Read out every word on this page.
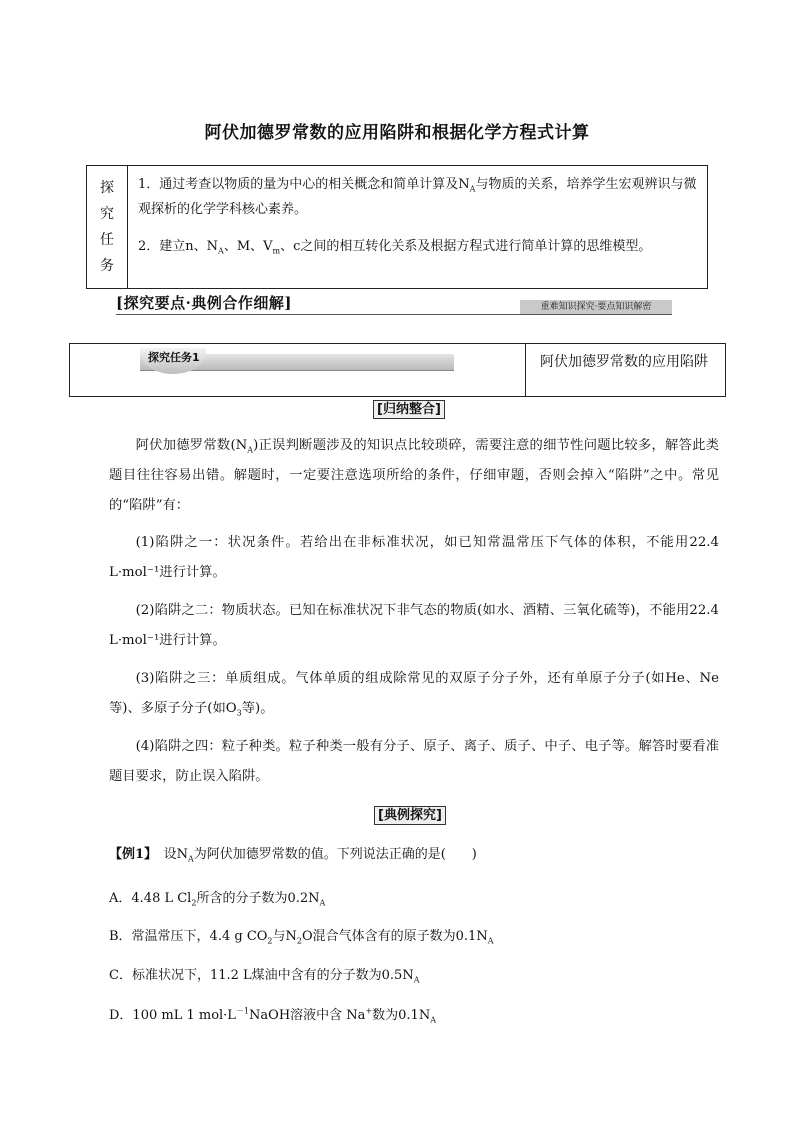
阿伏加德罗常数的应用陷阱和根据化学方程式计算
探
究
任
务

1．通过考查以物质的量为中心的相关概念和简单计算及$N_A$与物质的关系，培养学生宏观辨识与微观探析的化学学科核心素养。

2．建立n、$N_A$、M、$V_m$、c之间的相互转化关系及根据方程式进行简单计算的思维模型。

[探究要点·典例合作细解]	重难知识探究·要点知识解密
探究任务1	阿伏加德罗常数的应用陷阱
[归纳整合]

阿伏加德罗常数$(N_A)$正误判断题涉及的知识点比较琐碎，需要注意的细节性问题比较多，解答此类题目往往容易出错。解题时，一定要注意选项所给的条件，仔细审题，否则会掉入“陷阱”之中。常见的“陷阱”有：

(1)陷阱之一：状况条件。若给出在非标准状况，如已知常温常压下气体的体积，不能用22.4 L·mol⁻¹进行计算。

(2)陷阱之二：物质状态。已知在标准状况下非气态的物质(如水、酒精、三氧化硫等)，不能用22.4 L·mol⁻¹进行计算。

(3)陷阱之三：单质组成。气体单质的组成除常见的双原子分子外，还有单原子分子(如He、Ne等)、多原子分子(如$O_3$等)。

(4)陷阱之四：粒子种类。粒子种类一般有分子、原子、离子、质子、中子、电子等。解答时要看准题目要求，防止误入陷阱。

[典例探究]

【例1】　 设$N_A$为阿伏加德罗常数的值。下列说法正确的是(　　)

A．4.48 L $Cl_2$所含的分子数为$0.2N_A$

B．常温常压下，4.4 g $CO_2$与$N_2O$混合气体含有的原子数为$0.1N_A$

C．标准状况下，11.2 L煤油中含有的分子数为$0.5N_A$

D．100 mL 1 $mol\cdot L^{-1}NaOH$溶液中含 Na+数为$0.1N_A$
